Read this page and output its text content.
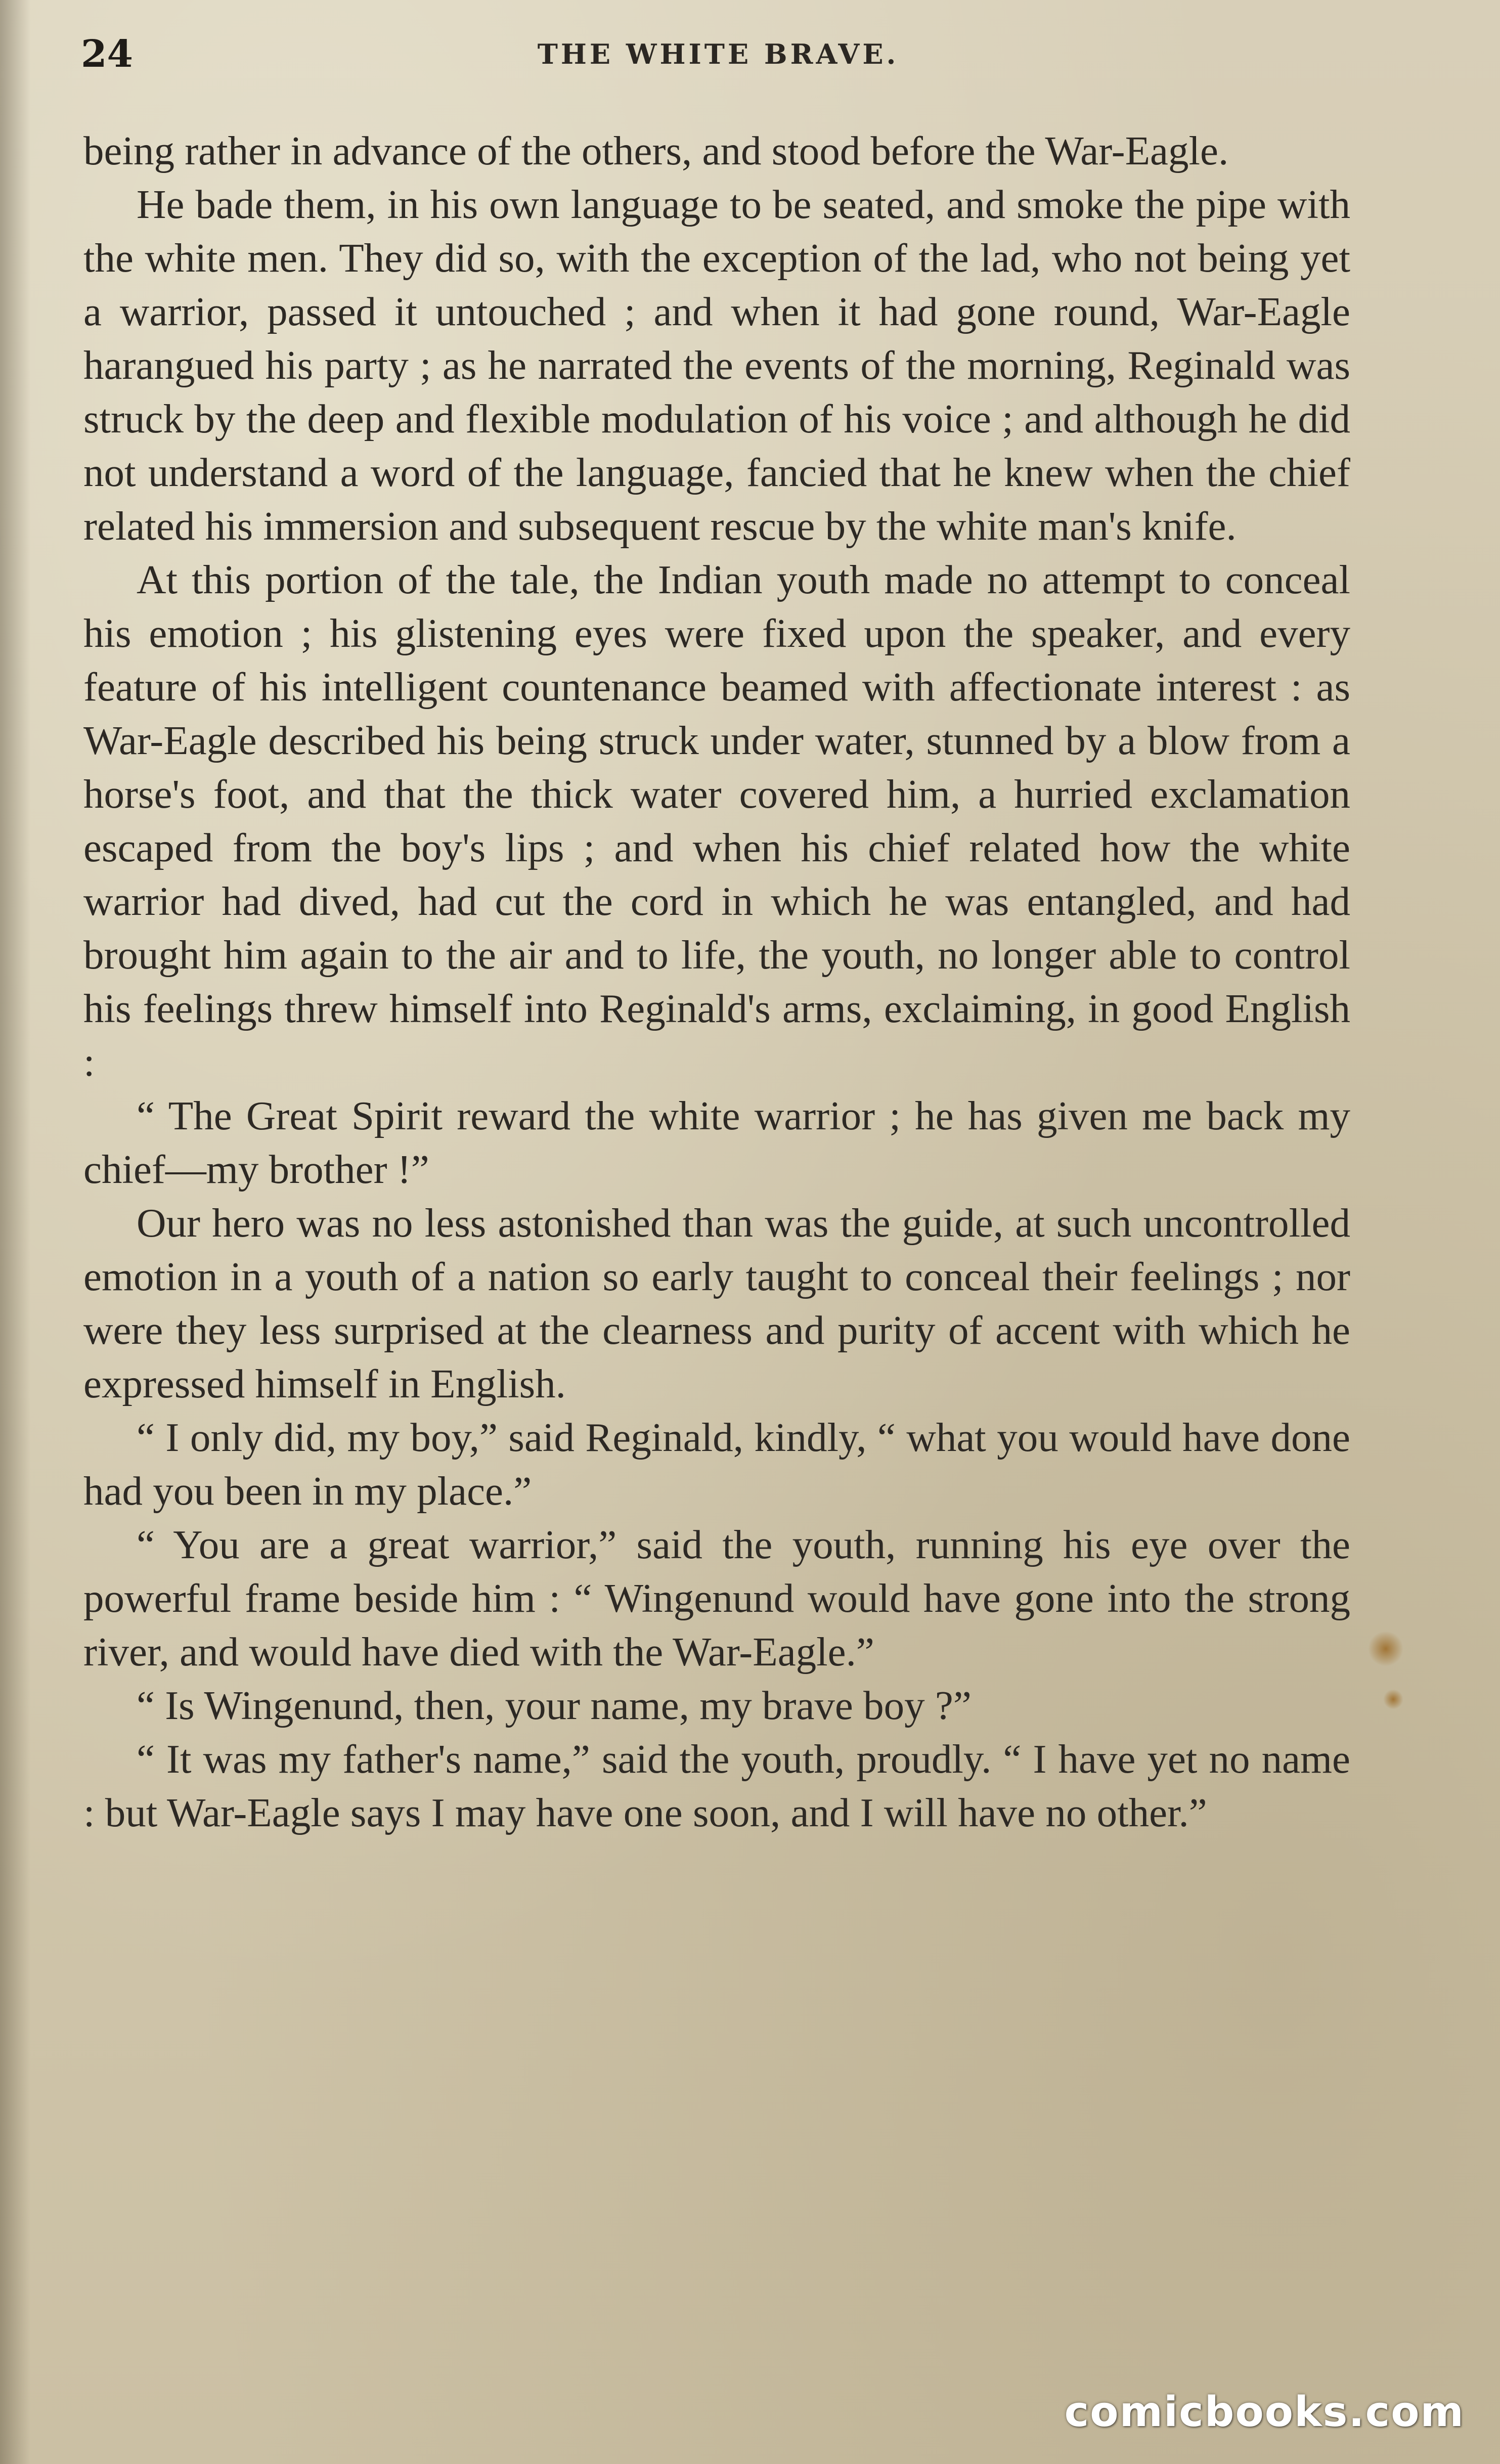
24	THE WHITE BRAVE.

being rather in advance of the others, and stood before the War-Eagle.

He bade them, in his own language to be seated, and smoke the pipe with the white men. They did so, with the exception of the lad, who not being yet a warrior, passed it untouched ; and when it had gone round, War-Eagle harangued his party ; as he narrated the events of the morning, Reginald was struck by the deep and flexible modulation of his voice ; and although he did not understand a word of the language, fancied that he knew when the chief related his immersion and subsequent rescue by the white man's knife.

At this portion of the tale, the Indian youth made no attempt to conceal his emotion ; his glistening eyes were fixed upon the speaker, and every feature of his intelligent countenance beamed with affectionate interest : as War-Eagle described his being struck under water, stunned by a blow from a horse's foot, and that the thick water covered him, a hurried exclamation escaped from the boy's lips ; and when his chief related how the white warrior had dived, had cut the cord in which he was entangled, and had brought him again to the air and to life, the youth, no longer able to control his feelings threw himself into Reginald's arms, exclaiming, in good English :

“ The Great Spirit reward the white warrior ; he has given me back my chief—my brother !”

Our hero was no less astonished than was the guide, at such uncontrolled emotion in a youth of a nation so early taught to conceal their feelings ; nor were they less surprised at the clearness and purity of accent with which he expressed himself in English.

“ I only did, my boy,” said Reginald, kindly, “ what you would have done had you been in my place.”

“ You are a great warrior,” said the youth, running his eye over the powerful frame beside him : “ Wingenund would have gone into the strong river, and would have died with the War-Eagle.”

“ Is Wingenund, then, your name, my brave boy ?”

“ It was my father's name,” said the youth, proudly. “ I have yet no name : but War-Eagle says I may have one soon, and I will have no other.”

comicbooks.com
